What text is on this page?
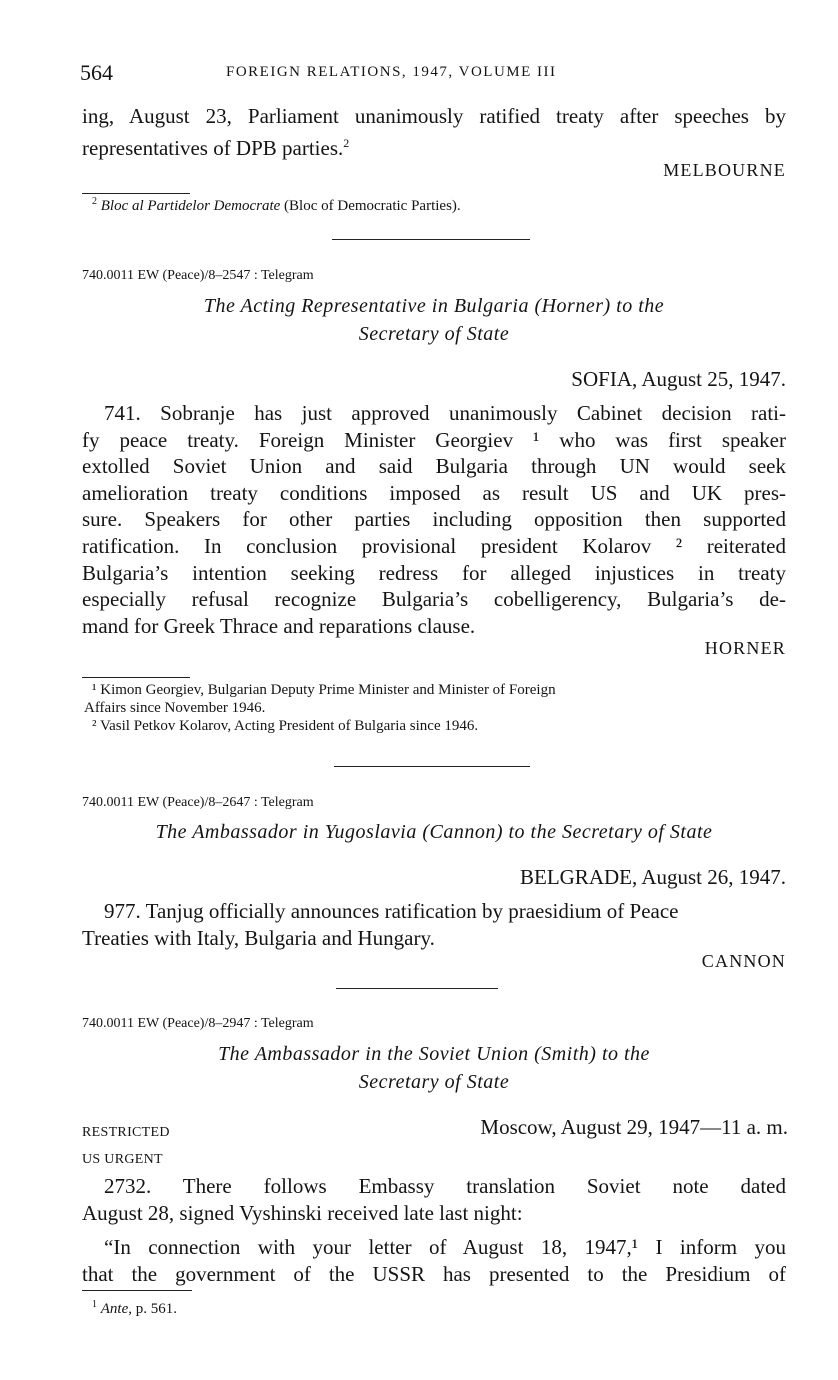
564	FOREIGN RELATIONS, 1947, VOLUME III
ing, August 23, Parliament unanimously ratified treaty after speeches by representatives of DPB parties.$^2$
MELBOURNE
$^2$ Bloc al Partidelor Democrate (Bloc of Democratic Parties).
740.0011 EW (Peace)/8–2547 : Telegram
The Acting Representative in Bulgaria (Horner) to the
Secretary of State
SOFIA, August 25, 1947.
741. Sobranje has just approved unanimously Cabinet decision rati-
fy peace treaty. Foreign Minister Georgiev ¹ who was first speaker
extolled Soviet Union and said Bulgaria through UN would seek
amelioration treaty conditions imposed as result US and UK pres-
sure. Speakers for other parties including opposition then supported
ratification. In conclusion provisional president Kolarov ² reiterated
Bulgaria’s intention seeking redress for alleged injustices in treaty
especially refusal recognize Bulgaria’s cobelligerency, Bulgaria’s de-
mand for Greek Thrace and reparations clause.
HORNER
¹ Kimon Georgiev, Bulgarian Deputy Prime Minister and Minister of Foreign
Affairs since November 1946.
² Vasil Petkov Kolarov, Acting President of Bulgaria since 1946.
740.0011 EW (Peace)/8–2647 : Telegram
The Ambassador in Yugoslavia (Cannon) to the Secretary of State
BELGRADE, August 26, 1947.
977. Tanjug officially announces ratification by praesidium of Peace
Treaties with Italy, Bulgaria and Hungary.
CANNON
740.0011 EW (Peace)/8–2947 : Telegram
The Ambassador in the Soviet Union (Smith) to the
Secretary of State
RESTRICTED
US URGENT
Moscow, August 29, 1947—11 a. m.
2732. There follows Embassy translation Soviet note dated
August 28, signed Vyshinski received late last night:
“In connection with your letter of August 18, 1947,¹ I inform you
that the government of the USSR has presented to the Presidium of
$^1$ Ante, p. 561.
